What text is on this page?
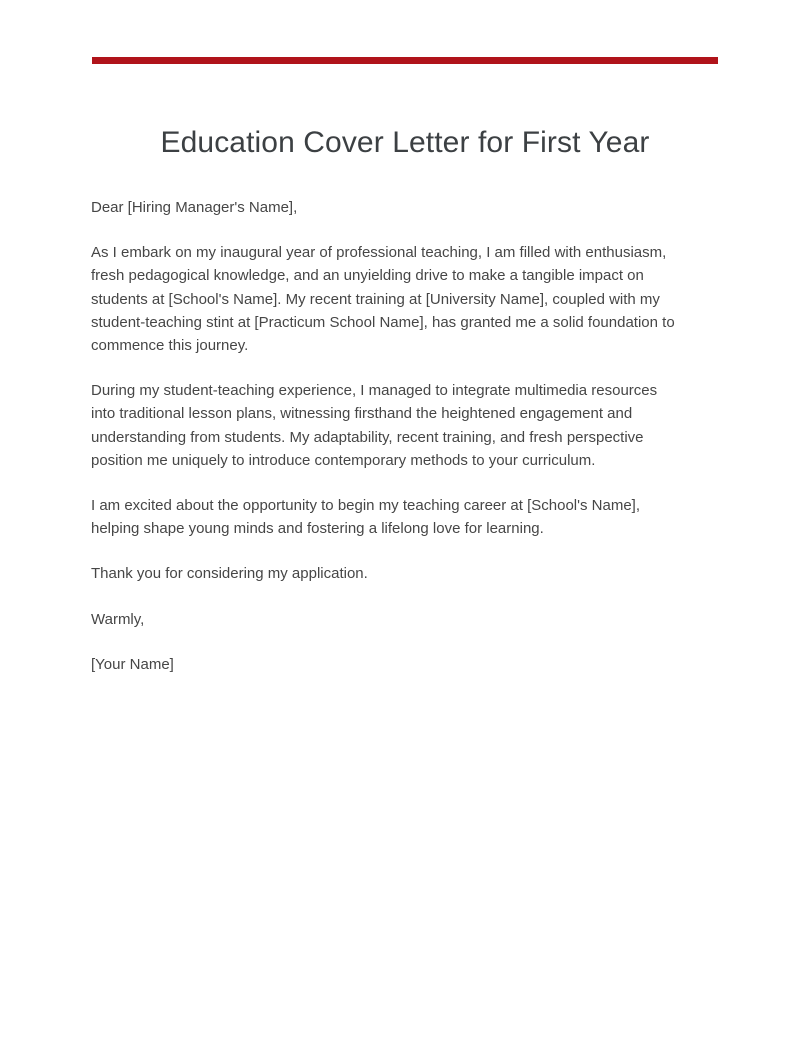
Education Cover Letter for First Year

Dear [Hiring Manager's Name],

As I embark on my inaugural year of professional teaching, I am filled with enthusiasm, fresh pedagogical knowledge, and an unyielding drive to make a tangible impact on students at [School's Name]. My recent training at [University Name], coupled with my student-teaching stint at [Practicum School Name], has granted me a solid foundation to commence this journey.

During my student-teaching experience, I managed to integrate multimedia resources into traditional lesson plans, witnessing firsthand the heightened engagement and understanding from students. My adaptability, recent training, and fresh perspective position me uniquely to introduce contemporary methods to your curriculum.

I am excited about the opportunity to begin my teaching career at [School's Name], helping shape young minds and fostering a lifelong love for learning.

Thank you for considering my application.

Warmly,

[Your Name]
